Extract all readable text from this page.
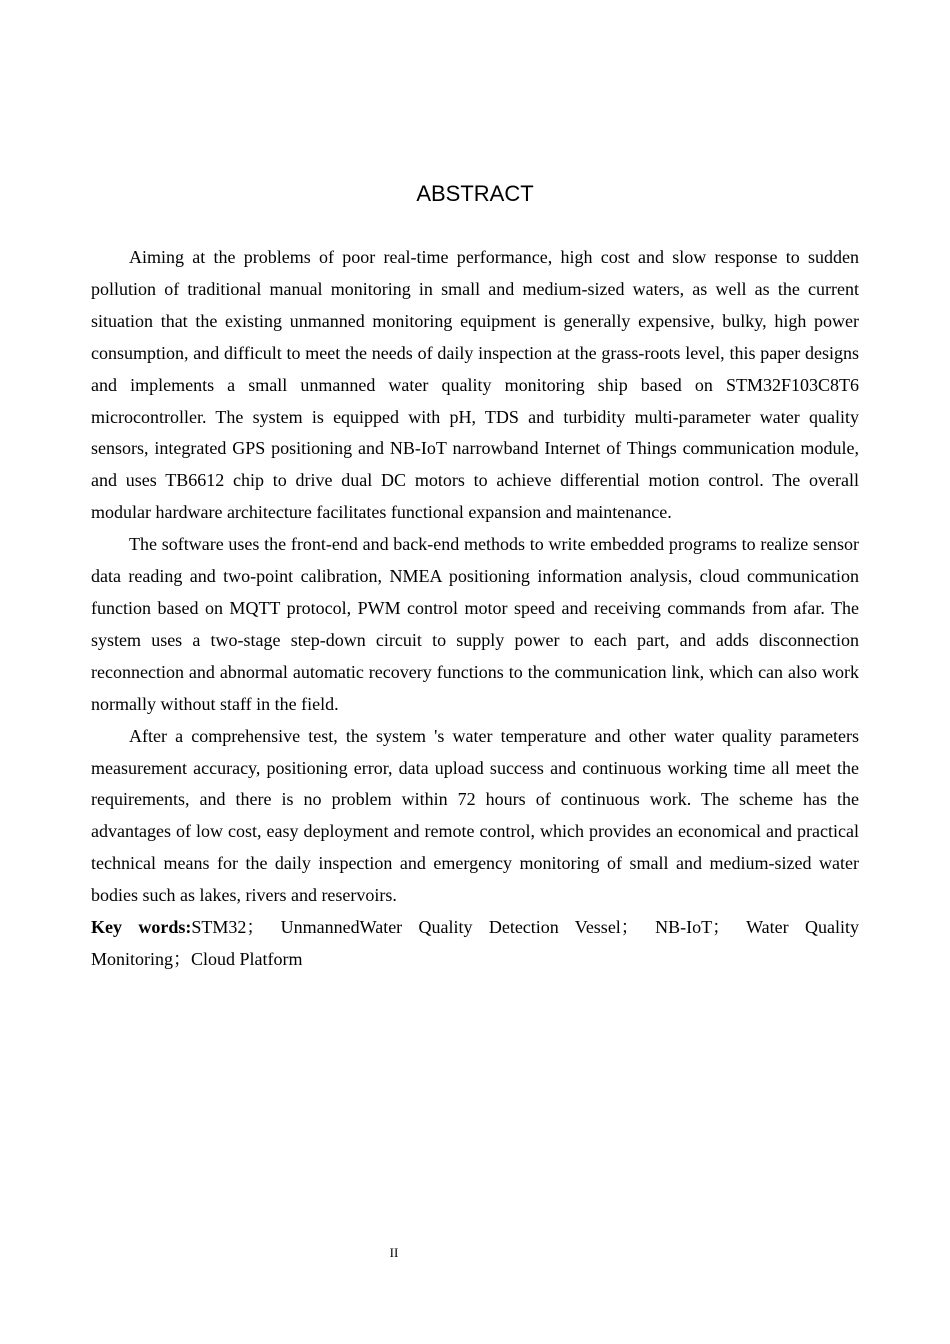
ABSTRACT

Aiming at the problems of poor real-time performance, high cost and slow response to sudden pollution of traditional manual monitoring in small and medium-sized waters, as well as the current situation that the existing unmanned monitoring equipment is generally expensive, bulky, high power consumption, and difficult to meet the needs of daily inspection at the grass-roots level, this paper designs and implements a small unmanned water quality monitoring ship based on STM32F103C8T6 microcontroller. The system is equipped with pH, TDS and turbidity multi-parameter water quality sensors, integrated GPS positioning and NB-IoT narrowband Internet of Things communication module, and uses TB6612 chip to drive dual DC motors to achieve differential motion control. The overall modular hardware architecture facilitates functional expansion and maintenance.

The software uses the front-end and back-end methods to write embedded programs to realize sensor data reading and two-point calibration, NMEA positioning information analysis, cloud communication function based on MQTT protocol, PWM control motor speed and receiving commands from afar. The system uses a two-stage step-down circuit to supply power to each part, and adds disconnection reconnection and abnormal automatic recovery functions to the communication link, which can also work normally without staff in the field.

After a comprehensive test, the system 's water temperature and other water quality parameters measurement accuracy, positioning error, data upload success and continuous working time all meet the requirements, and there is no problem within 72 hours of continuous work. The scheme has the advantages of low cost, easy deployment and remote control, which provides an economical and practical technical means for the daily inspection and emergency monitoring of small and medium-sized water bodies such as lakes, rivers and reservoirs.

Key words:STM32； UnmannedWater Quality Detection Vessel； NB-IoT； Water Quality Monitoring；Cloud Platform

II
